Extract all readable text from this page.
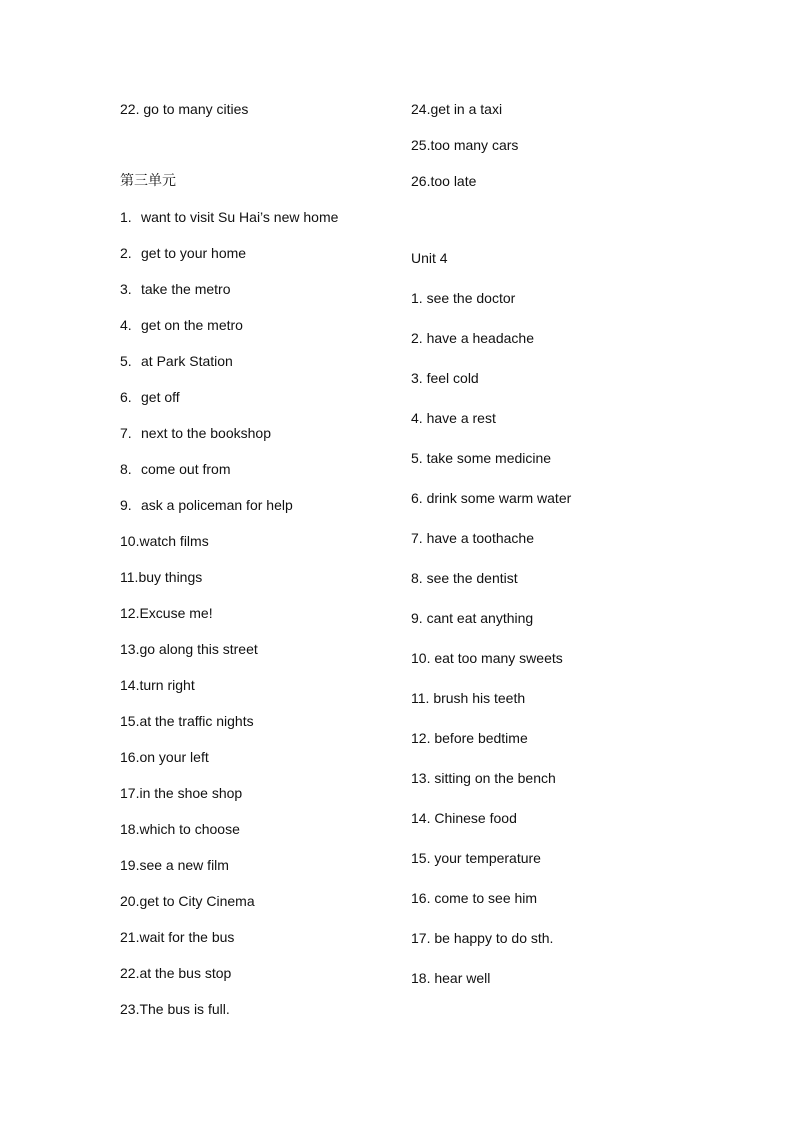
22. go to many cities
第三单元
1. want to visit Su Hai’s new home
2. get to your home
3. take the metro
4. get on the metro
5. at Park Station
6. get off
7. next to the bookshop
8. come out from
9. ask a policeman for help
10.watch films
11.buy things
12.Excuse me!
13.go along this street
14.turn right
15.at the traffic nights
16.on your left
17.in the shoe shop
18.which to choose
19.see a new film
20.get to City Cinema
21.wait for the bus
22.at the bus stop
23.The bus is full.
24.get in a taxi
25.too many cars
26.too late
Unit 4
1. see the doctor
2. have a headache
3. feel cold
4. have a rest
5. take some medicine
6. drink some warm water
7. have a toothache
8. see the dentist
9. cant eat anything
10. eat too many sweets
11. brush his teeth
12. before bedtime
13. sitting on the bench
14. Chinese food
15. your temperature
16. come to see him
17. be happy to do sth.
18. hear well
